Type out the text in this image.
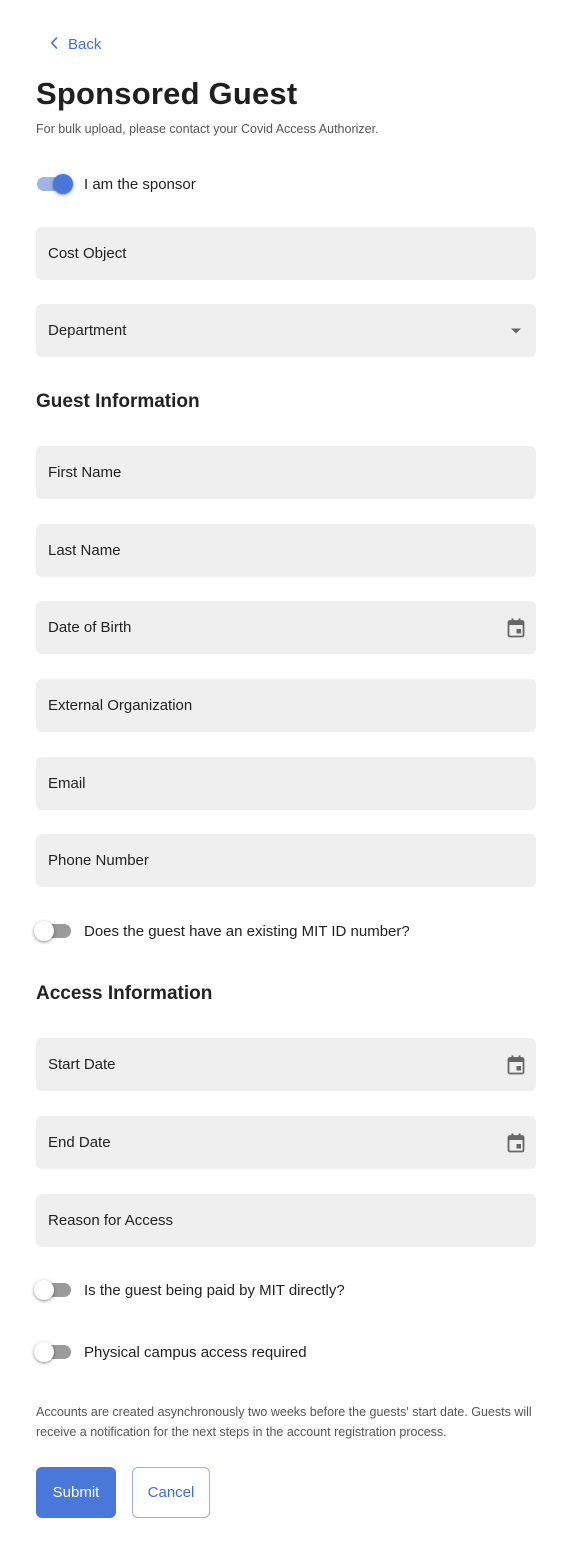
Back
Sponsored Guest
For bulk upload, please contact your Covid Access Authorizer.
I am the sponsor
Cost Object
Department
Guest Information
First Name
Last Name
Date of Birth
External Organization
Email
Phone Number
Does the guest have an existing MIT ID number?
Access Information
Start Date
End Date
Reason for Access
Is the guest being paid by MIT directly?
Physical campus access required
Accounts are created asynchronously two weeks before the guests' start date. Guests will receive a notification for the next steps in the account registration process.
Submit	Cancel
